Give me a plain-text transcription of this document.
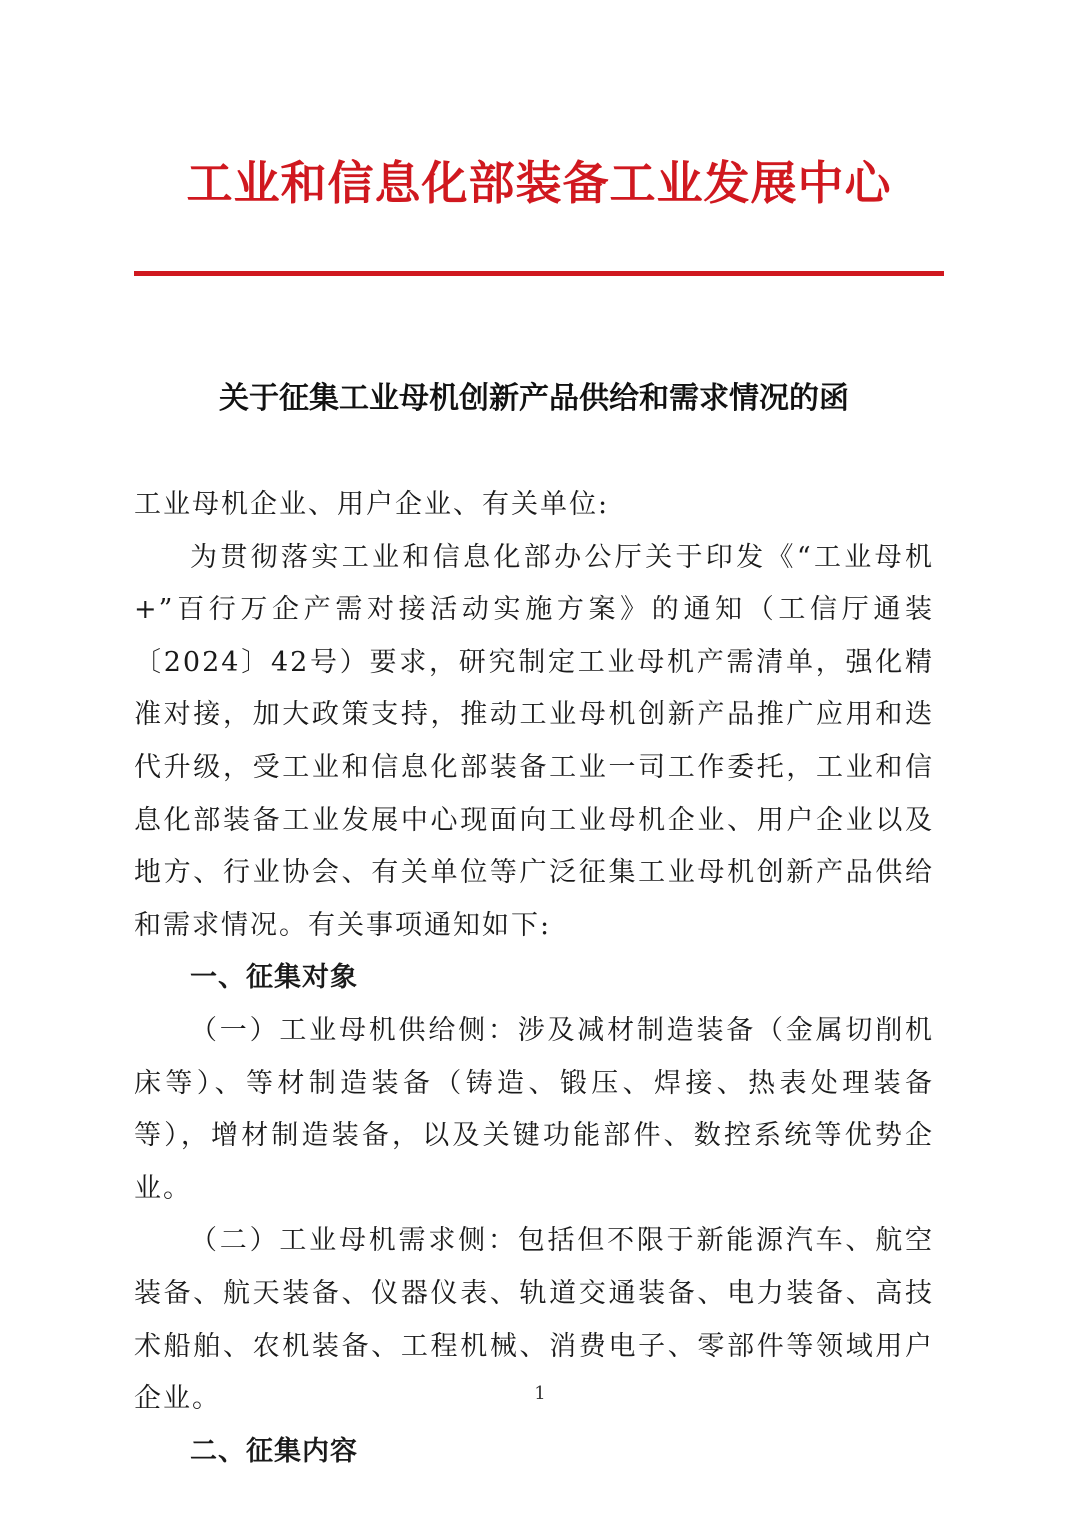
工业和信息化部装备工业发展中心
关于征集工业母机创新产品供给和需求情况的函

工业母机企业、用户企业、有关单位:

为贯彻落实工业和信息化部办公厅关于印发《“工业母机+”百行万企产需对接活动实施方案》的通知（工信厅通装〔2024〕42号）要求，研究制定工业母机产需清单，强化精准对接，加大政策支持，推动工业母机创新产品推广应用和迭代升级，受工业和信息化部装备工业一司工作委托，工业和信息化部装备工业发展中心现面向工业母机企业、用户企业以及地方、行业协会、有关单位等广泛征集工业母机创新产品供给和需求情况。有关事项通知如下:

一、征集对象

（一）工业母机供给侧：涉及减材制造装备（金属切削机床等）、等材制造装备（铸造、锻压、焊接、热表处理装备等），增材制造装备，以及关键功能部件、数控系统等优势企业。

（二）工业母机需求侧：包括但不限于新能源汽车、航空装备、航天装备、仪器仪表、轨道交通装备、电力装备、高技术船舶、农机装备、工程机械、消费电子、零部件等领域用户企业。

二、征集内容

1
